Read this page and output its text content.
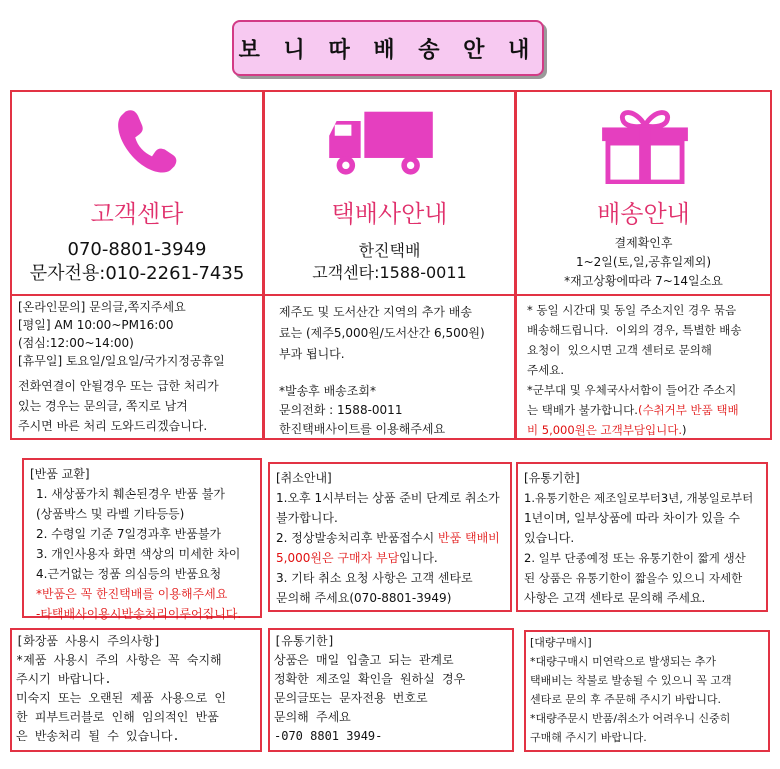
보 니 따 배 송 안 내
고객센타
070-8801-3949
문자전용:010-2261-7435
[온라인문의] 문의글,쪽지주세요
[평일] AM 10:00~PM16:00
(점심:12:00~14:00)
[휴무일] 토요일/일요일/국가지정공휴일
전화연결이 안될경우 또는 급한 처리가
있는 경우는 문의글, 쪽지로 남겨
주시면 바른 처리 도와드리겠습니다.
택배사안내
한진택배
고객센타:1588-0011
제주도 및 도서산간 지역의 추가 배송
료는 (제주5,000원/도서산간 6,500원)
부과 됩니다.
*발송후 배송조회*
문의전화 : 1588-0011
한진택배사이트를 이용해주세요
배송안내
결제확인후
1~2일(토,일,공휴일제외)
*재고상황에따라 7~14일소요
* 동일 시간대 및 동일 주소지인 경우 묶음
배송해드립니다.  이외의 경우, 특별한 배송
요청이  있으시면 고객 센터로 문의해
주세요.
*군부대 및 우체국사서함이 들어간 주소지
는 택배가 불가합니다.(수취거부 반품 택배
비 5,000원은 고객부담입니다.)
[반품 교환]
1. 새상품가치 훼손된경우 반품 불가
(상품박스 및 라벨 기타등등)
2. 수령일 기준 7일경과후 반품불가
3. 개인사용자 화면 색상의 미세한 차이
4.근거없는 정품 의심등의 반품요청
*반품은 꼭 한진택배를 이용해주세요
-타택배사이용시반송처리이루어집니다.
[취소안내]
1.오후 1시부터는 상품 준비 단계로 취소가
불가합니다.
2. 정상발송처리후 반품접수시 반품 택배비
5,000원은 구매자 부담입니다.
3. 기타 취소 요청 사항은 고객 센타로
문의해 주세요(070-8801-3949)
[유통기한]
1.유통기한은 제조일로부터3년, 개봉일로부터
1년이며, 일부상품에 따라 차이가 있을 수
있습니다.
2. 일부 단종예정 또는 유통기한이 짧게 생산
된 상품은 유통기한이 짧을수 있으니 자세한
사항은 고객 센타로 문의해 주세요.
[화장품 사용시 주의사항]
*제품 사용시 주의 사항은 꼭 숙지해
주시기 바랍니다.
미숙지 또는 오랜된 제품 사용으로 인
한 피부트러블로 인해 임의적인 반품
은 반송처리 될 수 있습니다.
[유통기한]
상품은 매일 입출고 되는 관계로
정확한 제조일 확인을 원하실 경우
문의글또는 문자전용 번호로
문의해 주세요
-070 8801 3949-
[대량구매시]
*대량구매시 미연락으로 발생되는 추가
택배비는 착불로 발송될 수 있으니 꼭 고객
센타로 문의 후 주문해 주시기 바랍니다.
*대량주문시 반품/취소가 어려우니 신중히
구매해 주시기 바랍니다.
